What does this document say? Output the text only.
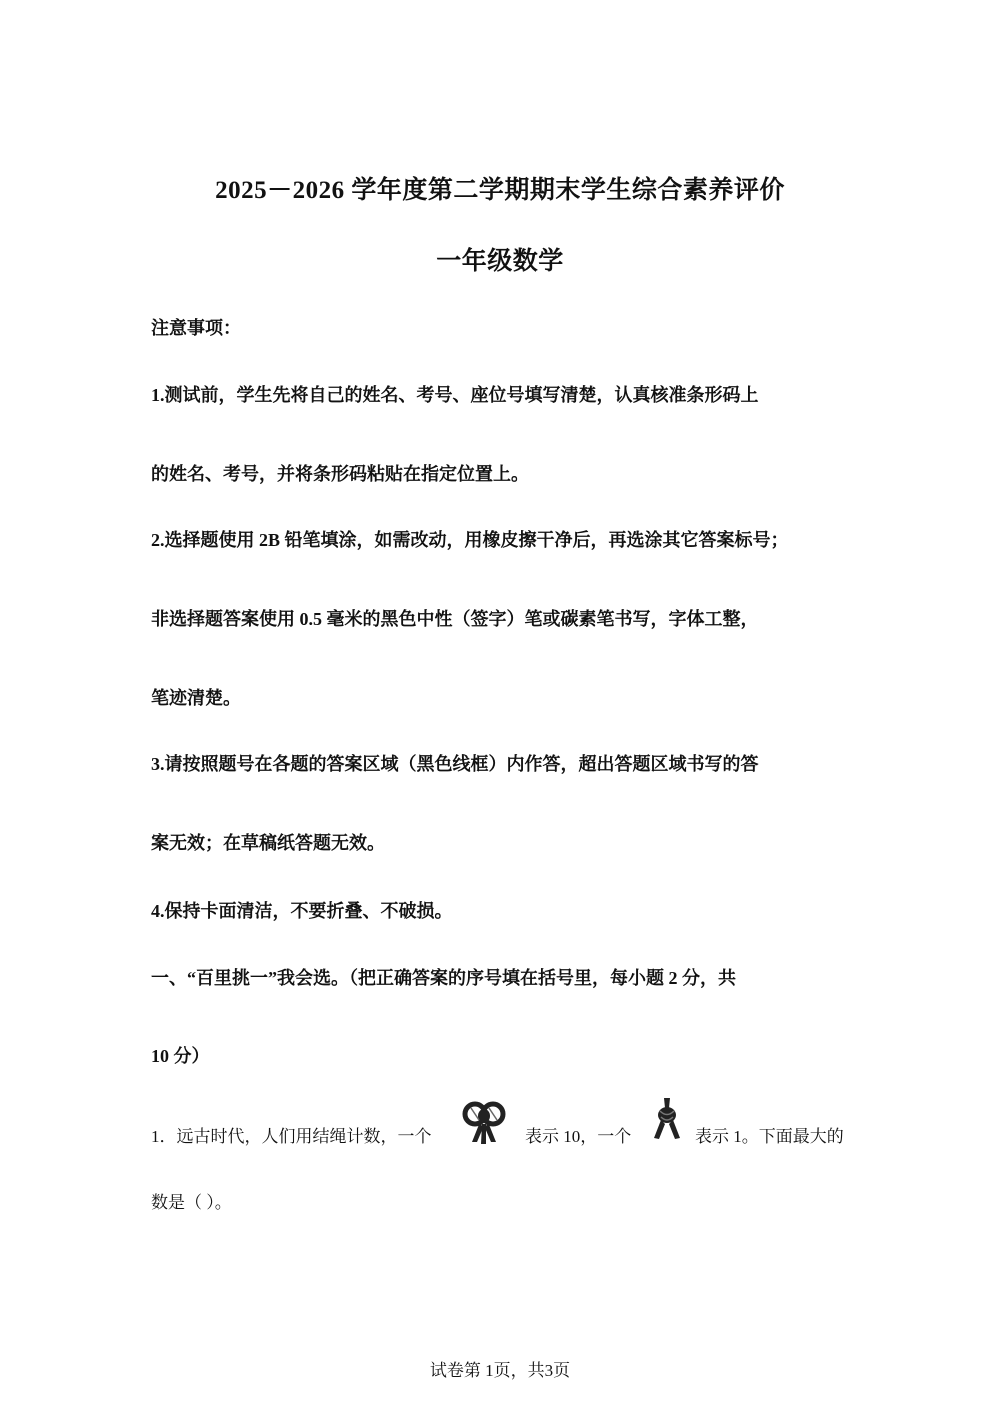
2025－2026 学年度第二学期期末学生综合素养评价
一年级数学
注意事项：
1.测试前，学生先将自己的姓名、考号、座位号填写清楚，认真核准条形码上
的姓名、考号，并将条形码粘贴在指定位置上。
2.选择题使用 2B 铅笔填涂，如需改动，用橡皮擦干净后，再选涂其它答案标号；
非选择题答案使用 0.5 毫米的黑色中性（签字）笔或碳素笔书写，字体工整，
笔迹清楚。
3.请按照题号在各题的答案区域（黑色线框）内作答，超出答题区域书写的答
案无效；在草稿纸答题无效。
4.保持卡面清洁，不要折叠、不破损。
一、“百里挑一”我会选。（把正确答案的序号填在括号里，每小题 2 分，共
10 分）
1．远古时代，人们用结绳计数，一个	表示 10，一个	表示 1。下面最大的
数是（ ）。
试卷第 1页，共3页
